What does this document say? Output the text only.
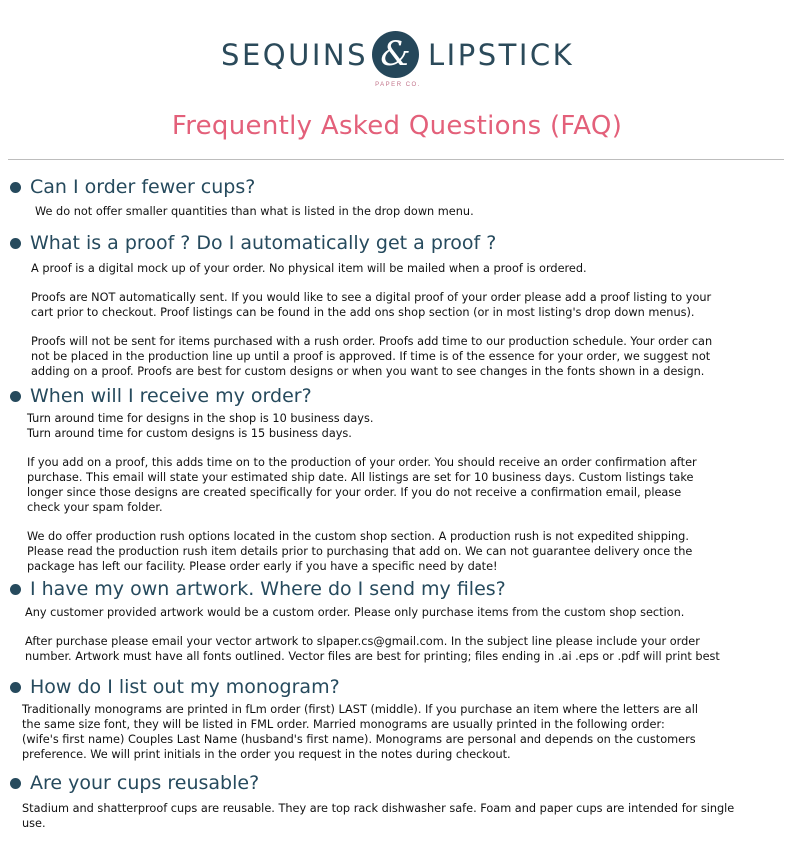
SEQUINS & LIPSTICK
PAPER CO.
Frequently Asked Questions (FAQ)
Can I order fewer cups?
We do not offer smaller quantities than what is listed in the drop down menu.
What is a proof ? Do I automatically get a proof ?
A proof is a digital mock up of your order. No physical item will be mailed when a proof is ordered.
Proofs are NOT automatically sent. If you would like to see a digital proof of your order please add a proof listing to your
cart prior to checkout. Proof listings can be found in the add ons shop section (or in most listing's drop down menus).
Proofs will not be sent for items purchased with a rush order. Proofs add time to our production schedule. Your order can
not be placed in the production line up until a proof is approved. If time is of the essence for your order, we suggest not
adding on a proof. Proofs are best for custom designs or when you want to see changes in the fonts shown in a design.
When will I receive my order?
Turn around time for designs in the shop is 10 business days.
Turn around time for custom designs is 15 business days.
If you add on a proof, this adds time on to the production of your order. You should receive an order confirmation after
purchase. This email will state your estimated ship date. All listings are set for 10 business days. Custom listings take
longer since those designs are created specifically for your order. If you do not receive a confirmation email, please
check your spam folder.
We do offer production rush options located in the custom shop section. A production rush is not expedited shipping.
Please read the production rush item details prior to purchasing that add on. We can not guarantee delivery once the
package has left our facility. Please order early if you have a specific need by date!
I have my own artwork. Where do I send my files?
Any customer provided artwork would be a custom order. Please only purchase items from the custom shop section.
After purchase please email your vector artwork to slpaper.cs@gmail.com. In the subject line please include your order
number. Artwork must have all fonts outlined. Vector files are best for printing; files ending in .ai .eps or .pdf will print best
How do I list out my monogram?
Traditionally monograms are printed in fLm order (first) LAST (middle). If you purchase an item where the letters are all
the same size font, they will be listed in FML order. Married monograms are usually printed in the following order:
(wife's first name) Couples Last Name (husband's first name). Monograms are personal and depends on the customers
preference. We will print initials in the order you request in the notes during checkout.
Are your cups reusable?
Stadium and shatterproof cups are reusable. They are top rack dishwasher safe. Foam and paper cups are intended for single
use.
